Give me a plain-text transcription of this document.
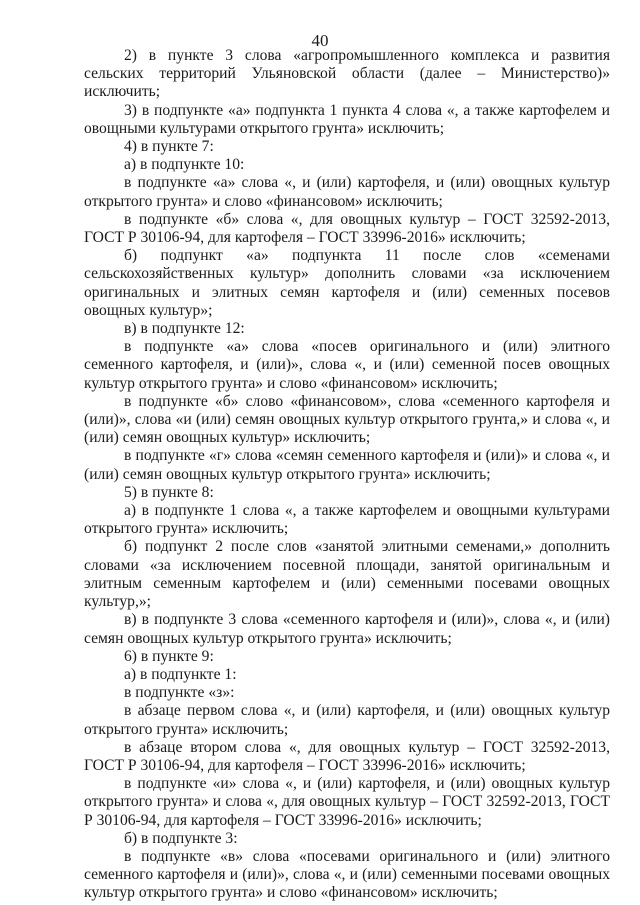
40

2) в пункте 3 слова «агропромышленного комплекса и развития сельских территорий Ульяновской области (далее – Министерство)» исключить;

3) в подпункте «а» подпункта 1 пункта 4 слова «, а также картофелем и овощными культурами открытого грунта» исключить;

4) в пункте 7:

а) в подпункте 10:

в подпункте «а» слова «, и (или) картофеля, и (или) овощных культур открытого грунта» и слово «финансовом» исключить;

в подпункте «б» слова «, для овощных культур – ГОСТ 32592-2013, ГОСТ Р 30106-94, для картофеля – ГОСТ 33996-2016» исключить;

б) подпункт «а» подпункта 11 после слов «семенами сельскохозяйственных культур» дополнить словами «за исключением оригинальных и элитных семян картофеля и (или) семенных посевов овощных культур»;

в) в подпункте 12:

в подпункте «а» слова «посев оригинального и (или) элитного семенного картофеля, и (или)», слова «, и (или) семенной посев овощных культур открытого грунта» и слово «финансовом» исключить;

в подпункте «б» слово «финансовом», слова «семенного картофеля и (или)», слова «и (или) семян овощных культур открытого грунта,» и слова «, и (или) семян овощных культур» исключить;

в подпункте «г» слова «семян семенного картофеля и (или)» и слова «, и (или) семян овощных культур открытого грунта» исключить;

5) в пункте 8:

а) в подпункте 1 слова «, а также картофелем и овощными культурами открытого грунта» исключить;

б) подпункт 2 после слов «занятой элитными семенами,» дополнить словами «за исключением посевной площади, занятой оригинальным и элитным семенным картофелем и (или) семенными посевами овощных культур,»;

в) в подпункте 3 слова «семенного картофеля и (или)», слова «, и (или) семян овощных культур открытого грунта» исключить;

6) в пункте 9:

а) в подпункте 1:

в подпункте «з»:

в абзаце первом слова «, и (или) картофеля, и (или) овощных культур открытого грунта» исключить;

в абзаце втором слова «, для овощных культур – ГОСТ 32592-2013, ГОСТ Р 30106-94, для картофеля – ГОСТ 33996-2016» исключить;

в подпункте «и» слова «, и (или) картофеля, и (или) овощных культур открытого грунта» и слова «, для овощных культур – ГОСТ 32592-2013, ГОСТ Р 30106-94, для картофеля – ГОСТ 33996-2016» исключить;

б) в подпункте 3:

в подпункте «в» слова «посевами оригинального и (или) элитного семенного картофеля и (или)», слова «, и (или) семенными посевами овощных культур открытого грунта» и слово «финансовом» исключить;
